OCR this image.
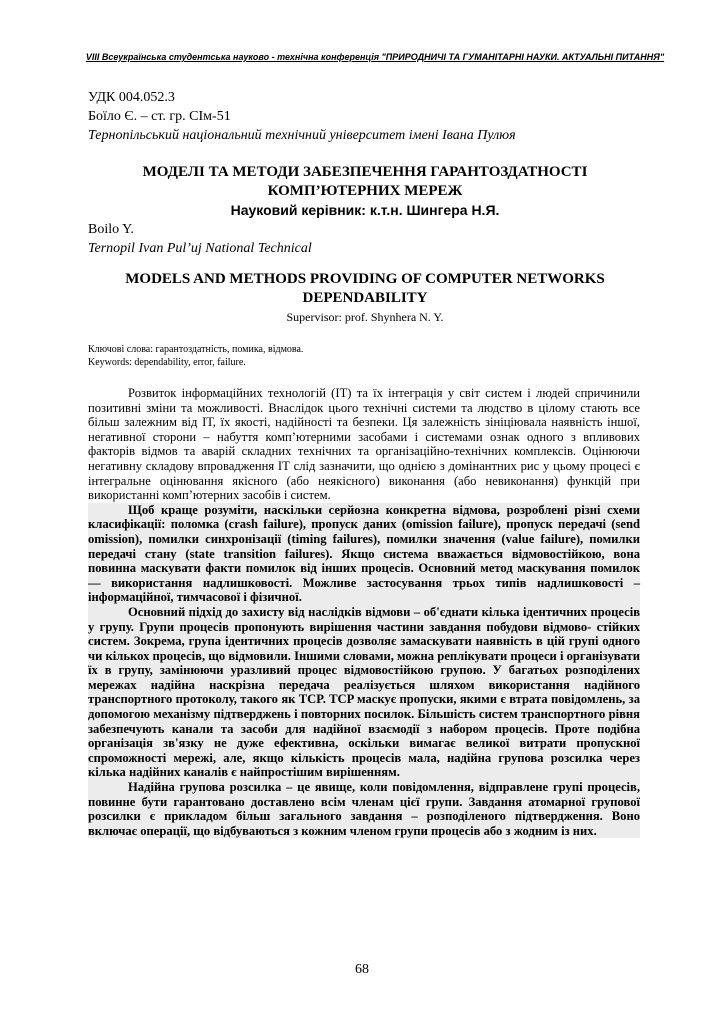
VIII Всеукраїнська студентська науково - технічна конференція "ПРИРОДНИЧІ ТА ГУМАНІТАРНІ НАУКИ. АКТУАЛЬНІ ПИТАННЯ"
УДК 004.052.3
Боїло Є. – ст. гр. СІм-51
Тернопільський національний технічний університет імені Івана Пулюя
МОДЕЛІ ТА МЕТОДИ ЗАБЕЗПЕЧЕННЯ ГАРАНТОЗДАТНОСТІ КОМП’ЮТЕРНИХ МЕРЕЖ
Науковий керівник: к.т.н. Шингера Н.Я.
Boilo Y.
Ternopil Ivan Pul’uj National Technical
MODELS AND METHODS PROVIDING OF COMPUTER NETWORKS DEPENDABILITY
Supervisor: prof. Shynhera N. Y.
Ключові слова: гарантоздатність, помика, відмова.
Keywords: dependability, error, failure.

Розвиток інформаційних технологій (ІТ) та їх інтеграція у світ систем і людей спричинили позитивні зміни та можливості. Внаслідок цього технічні системи та людство в цілому стають все більш залежним від ІТ, їх якості, надійності та безпеки. Ця залежність зініціювала наявність іншої, негативної сторони – набуття комп’ютерними засобами і системами ознак одного з впливових факторів відмов та аварій складних технічних та організаційно-технічних комплексів. Оцінюючи негативну складову впровадження ІТ слід зазначити, що однією з домінантних рис у цьому процесі є інтегральне оцінювання якісного (або неякісного) виконання (або невиконання) функцій при використанні комп’ютерних засобів і систем.

Щоб краще розуміти, наскільки серйозна конкретна відмова, розроблені різні схеми класифікації: поломка (crash failure), пропуск даних (omission failure), пропуск передачі (send omission), помилки синхронізації (timing failures), помилки значення (value failure), помилки передачі стану (state transition failures). Якщо система вважається відмовостійкою, вона повинна маскувати факти помилок від інших процесів. Основний метод маскування помилок — використання надлишковості. Можливе застосування трьох типів надлишковості – інформаційної, тимчасової і фізичної.

Основний підхід до захисту від наслідків відмови – об'єднати кілька ідентичних процесів у групу. Групи процесів пропонують вирішення частини завдання побудови відмово- стійких систем. Зокрема, група ідентичних процесів дозволяє замаскувати наявність в цій групі одного чи кількох процесів, що відмовили. Іншими словами, можна реплікувати процеси і організувати їх в групу, замінюючи уразливий процес відмовостійкою групою. У багатьох розподілених мережах надійна наскрізна передача реалізується шляхом використання надійного транспортного протоколу, такого як TCP. TCP маскує пропуски, якими є втрата повідомлень, за допомогою механізму підтверджень і повторних посилок. Більшість систем транспортного рівня забезпечують канали та засоби для надійної взаємодії з набором процесів. Проте подібна організація зв'язку не дуже ефективна, оскільки вимагає великої витрати пропускної спроможності мережі, але, якщо кількість процесів мала, надійна групова розсилка через кілька надійних каналів є найпростішим вирішенням.

Надійна групова розсилка – це явище, коли повідомлення, відправлене групі процесів, повинне бути гарантовано доставлено всім членам цієї групи. Завдання атомарної групової розсилки є прикладом більш загального завдання – розподіленого підтвердження. Воно включає операції, що відбуваються з кожним членом групи процесів або з жодним із них.

68
